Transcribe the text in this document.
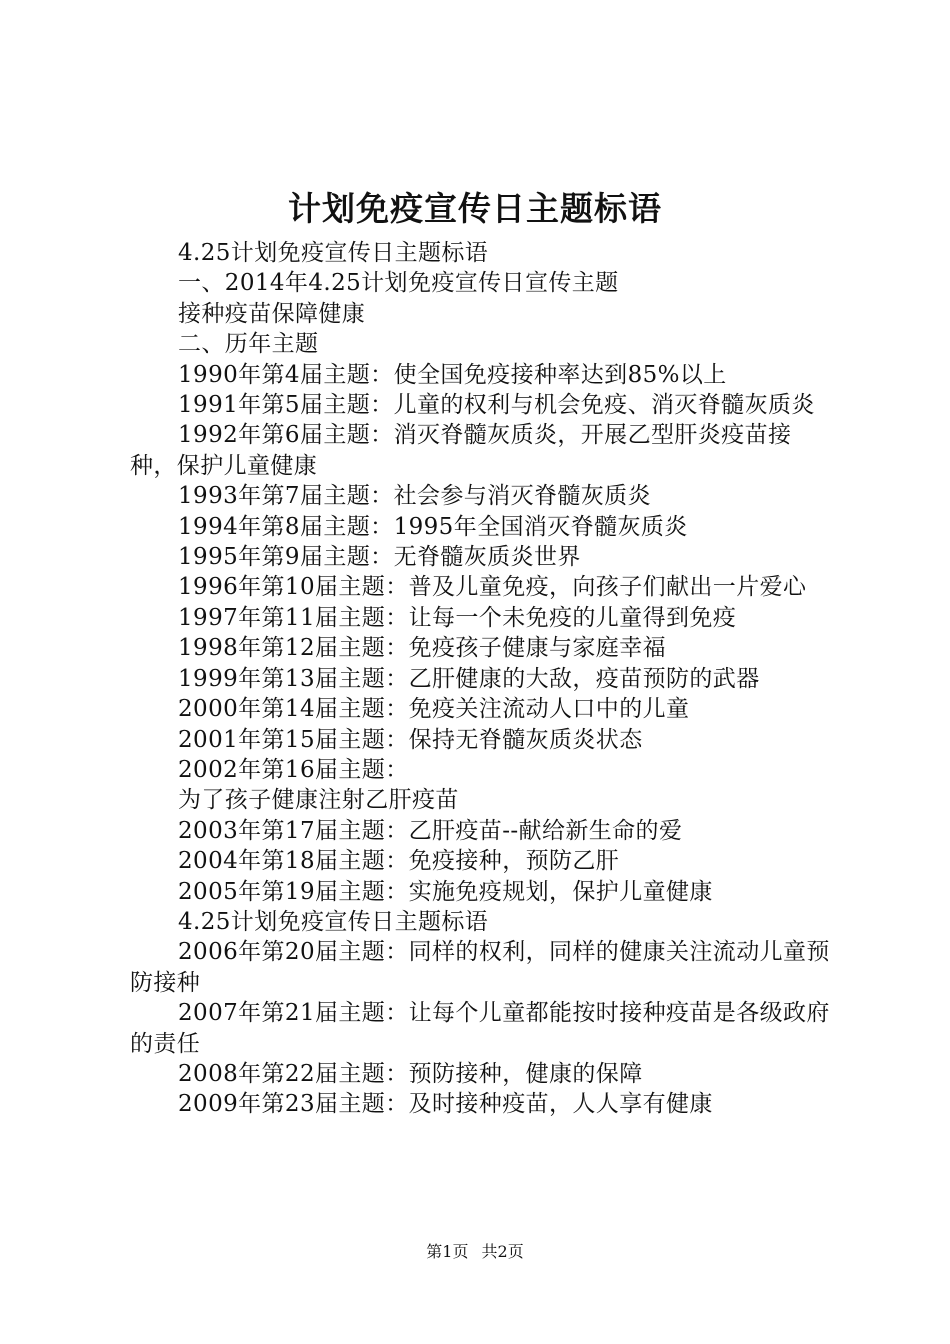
计划免疫宣传日主题标语

4.25计划免疫宣传日主题标语

一、2014年4.25计划免疫宣传日宣传主题

接种疫苗保障健康

二、历年主题

1990年第4届主题：使全国免疫接种率达到85%以上

1991年第5届主题：儿童的权利与机会免疫、消灭脊髓灰质炎

1992年第6届主题：消灭脊髓灰质炎，开展乙型肝炎疫苗接种，保护儿童健康

1993年第7届主题：社会参与消灭脊髓灰质炎

1994年第8届主题：1995年全国消灭脊髓灰质炎

1995年第9届主题：无脊髓灰质炎世界

1996年第10届主题：普及儿童免疫，向孩子们献出一片爱心

1997年第11届主题：让每一个未免疫的儿童得到免疫

1998年第12届主题：免疫孩子健康与家庭幸福

1999年第13届主题：乙肝健康的大敌，疫苗预防的武器

2000年第14届主题：免疫关注流动人口中的儿童

2001年第15届主题：保持无脊髓灰质炎状态

2002年第16届主题：

为了孩子健康注射乙肝疫苗

2003年第17届主题：乙肝疫苗--献给新生命的爱

2004年第18届主题：免疫接种，预防乙肝

2005年第19届主题：实施免疫规划，保护儿童健康

4.25计划免疫宣传日主题标语

2006年第20届主题：同样的权利，同样的健康关注流动儿童预防接种

2007年第21届主题：让每个儿童都能按时接种疫苗是各级政府的责任

2008年第22届主题：预防接种，健康的保障

2009年第23届主题：及时接种疫苗，人人享有健康

第1页 共2页
